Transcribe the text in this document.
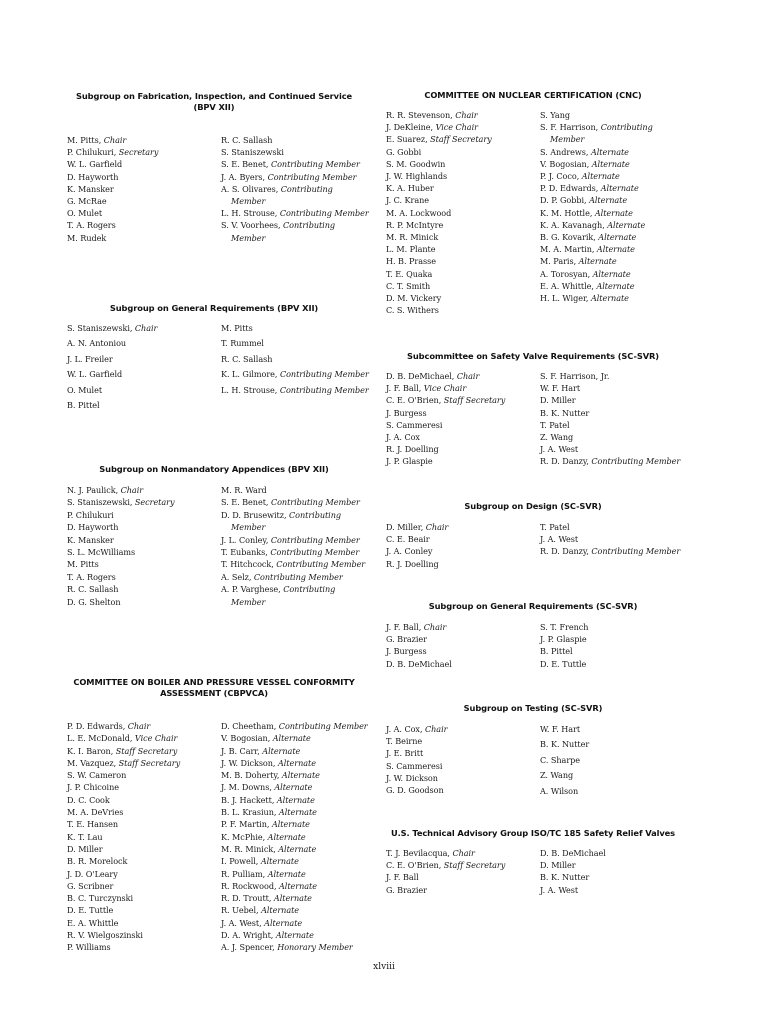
Subgroup on Fabrication, Inspection, and Continued Service
(BPV XII)
M. Pitts, Chair
P. Chilukuri, Secretary
W. L. Garfield
D. Hayworth
K. Mansker
G. McRae
O. Mulet
T. A. Rogers
M. Rudek
R. C. Sallash
S. Staniszewski
S. E. Benet, Contributing Member
J. A. Byers, Contributing Member
A. S. Olivares, Contributing
Member
L. H. Strouse, Contributing Member
S. V. Voorhees, Contributing
Member
Subgroup on General Requirements (BPV XII)
S. Staniszewski, Chair
A. N. Antoniou
J. L. Freiler
W. L. Garfield
O. Mulet
B. Pittel
M. Pitts
T. Rummel
R. C. Sallash
K. L. Gilmore, Contributing Member
L. H. Strouse, Contributing Member
Subgroup on Nonmandatory Appendices (BPV XII)
N. J. Paulick, Chair
S. Staniszewski, Secretary
P. Chilukuri
D. Hayworth
K. Mansker
S. L. McWilliams
M. Pitts
T. A. Rogers
R. C. Sallash
D. G. Shelton
M. R. Ward
S. E. Benet, Contributing Member
D. D. Brusewitz, Contributing
Member
J. L. Conley, Contributing Member
T. Eubanks, Contributing Member
T. Hitchcock, Contributing Member
A. Selz, Contributing Member
A. P. Varghese, Contributing
Member
COMMITTEE ON BOILER AND PRESSURE VESSEL CONFORMITY
ASSESSMENT (CBPVCA)
P. D. Edwards, Chair
L. E. McDonald, Vice Chair
K. I. Baron, Staff Secretary
M. Vazquez, Staff Secretary
S. W. Cameron
J. P. Chicoine
D. C. Cook
M. A. DeVries
T. E. Hansen
K. T. Lau
D. Miller
B. R. Morelock
J. D. O'Leary
G. Scribner
B. C. Turczynski
D. E. Tuttle
E. A. Whittle
R. V. Wielgoszinski
P. Williams
D. Cheetham, Contributing Member
V. Bogosian, Alternate
J. B. Carr, Alternate
J. W. Dickson, Alternate
M. B. Doherty, Alternate
J. M. Downs, Alternate
B. J. Hackett, Alternate
B. L. Krasiun, Alternate
P. F. Martin, Alternate
K. McPhie, Alternate
M. R. Minick, Alternate
I. Powell, Alternate
R. Pulliam, Alternate
R. Rockwood, Alternate
R. D. Troutt, Alternate
R. Uebel, Alternate
J. A. West, Alternate
D. A. Wright, Alternate
A. J. Spencer, Honorary Member
COMMITTEE ON NUCLEAR CERTIFICATION (CNC)
R. R. Stevenson, Chair
J. DeKleine, Vice Chair
E. Suarez, Staff Secretary
G. Gobbi
S. M. Goodwin
J. W. Highlands
K. A. Huber
J. C. Krane
M. A. Lockwood
R. P. McIntyre
M. R. Minick
L. M. Plante
H. B. Prasse
T. E. Quaka
C. T. Smith
D. M. Vickery
C. S. Withers
S. Yang
S. F. Harrison, Contributing
Member
S. Andrews, Alternate
V. Bogosian, Alternate
P. J. Coco, Alternate
P. D. Edwards, Alternate
D. P. Gobbi, Alternate
K. M. Hottle, Alternate
K. A. Kavanagh, Alternate
B. G. Kovarik, Alternate
M. A. Martin, Alternate
M. Paris, Alternate
A. Torosyan, Alternate
E. A. Whittle, Alternate
H. L. Wiger, Alternate
Subcommittee on Safety Valve Requirements (SC-SVR)
D. B. DeMichael, Chair
J. F. Ball, Vice Chair
C. E. O'Brien, Staff Secretary
J. Burgess
S. Cammeresi
J. A. Cox
R. J. Doelling
J. P. Glaspie
S. F. Harrison, Jr.
W. F. Hart
D. Miller
B. K. Nutter
T. Patel
Z. Wang
J. A. West
R. D. Danzy, Contributing Member
Subgroup on Design (SC-SVR)
D. Miller, Chair
C. E. Beair
J. A. Conley
R. J. Doelling
T. Patel
J. A. West
R. D. Danzy, Contributing Member
Subgroup on General Requirements (SC-SVR)
J. F. Ball, Chair
G. Brazier
J. Burgess
D. B. DeMichael
S. T. French
J. P. Glaspie
B. Pittel
D. E. Tuttle
Subgroup on Testing (SC-SVR)
J. A. Cox, Chair
T. Beirne
J. E. Britt
S. Cammeresi
J. W. Dickson
G. D. Goodson
W. F. Hart
B. K. Nutter
C. Sharpe
Z. Wang
A. Wilson
U.S. Technical Advisory Group ISO/TC 185 Safety Relief Valves
T. J. Bevilacqua, Chair
C. E. O'Brien, Staff Secretary
J. F. Ball
G. Brazier
D. B. DeMichael
D. Miller
B. K. Nutter
J. A. West
xlviii
